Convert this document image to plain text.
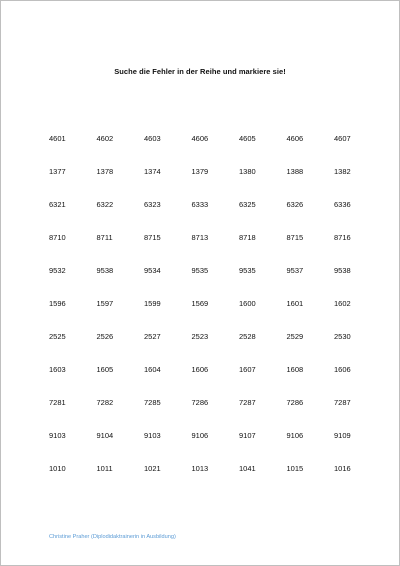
Suche die Fehler in der Reihe und markiere sie!
4601	4602	4603	4606	4605	4606	4607
1377	1378	1374	1379	1380	1388	1382
6321	6322	6323	6333	6325	6326	6336
8710	8711	8715	8713	8718	8715	8716
9532	9538	9534	9535	9535	9537	9538
1596	1597	1599	1569	1600	1601	1602
2525	2526	2527	2523	2528	2529	2530
1603	1605	1604	1606	1607	1608	1606
7281	7282	7285	7286	7287	7286	7287
9103	9104	9103	9106	9107	9106	9109
1010	1011	1021	1013	1041	1015	1016
Christine Praher (Diplodidaktrainerin in Ausbildung)
